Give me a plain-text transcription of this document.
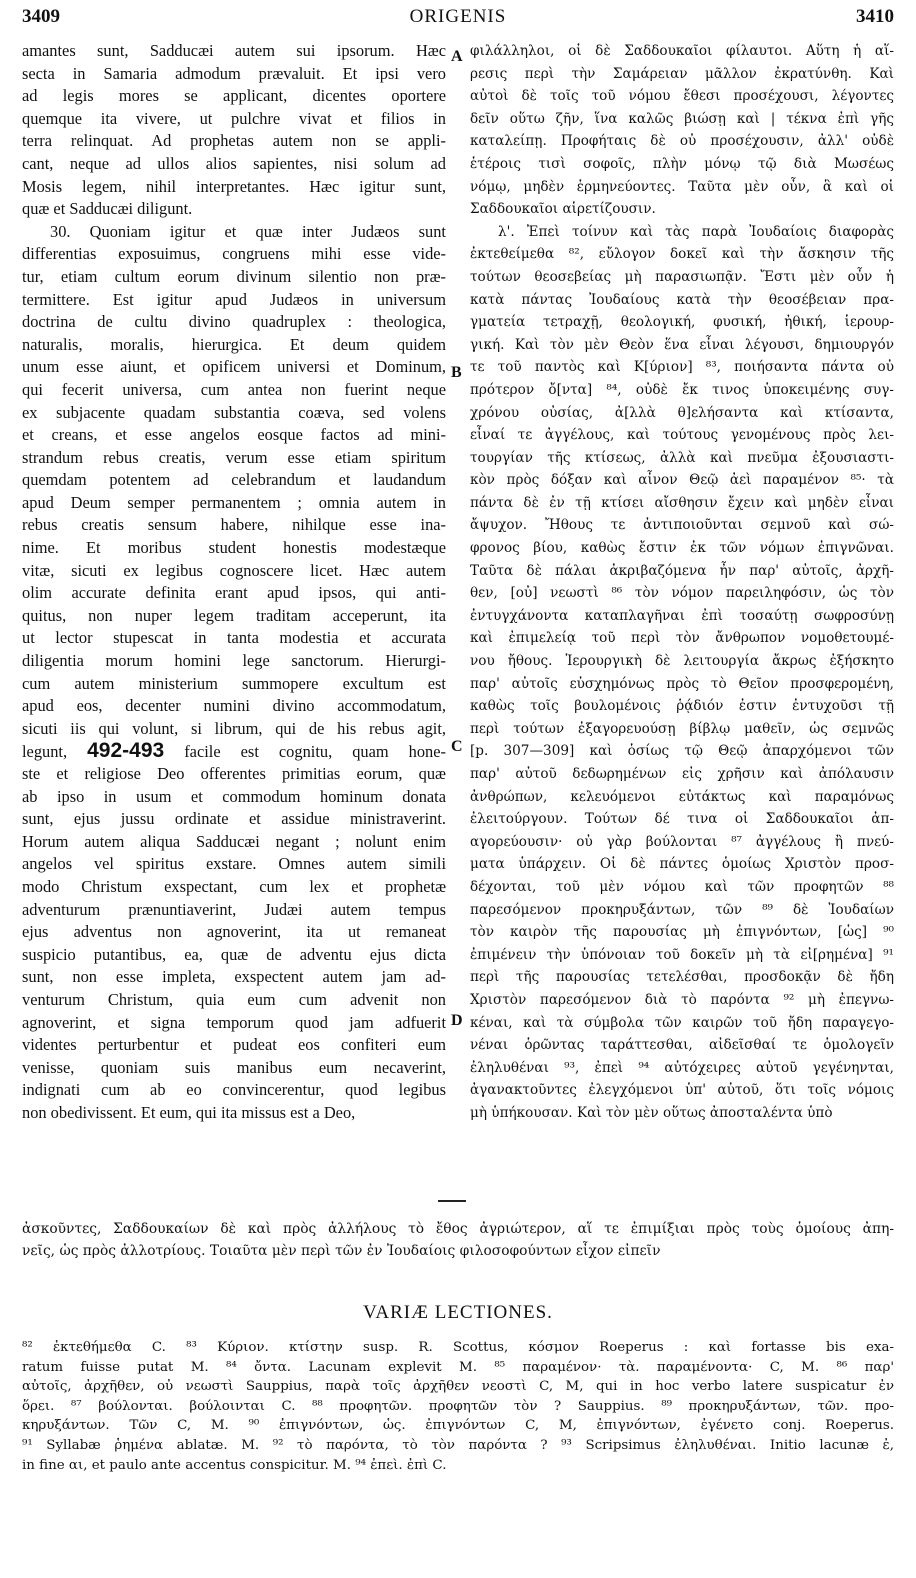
3409	ORIGENIS	3410
amantes sunt, Sadducæi autem sui ipsorum. Hæc
secta in Samaria admodum prævaluit. Et ipsi vero
ad legis mores se applicant, dicentes oportere
quemque ita vivere, ut pulchre vivat et filios in
terra relinquat. Ad prophetas autem non se appli-
cant, neque ad ullos alios sapientes, nisi solum ad
Mosis legem, nihil interpretantes. Hæc igitur sunt,
quæ et Sadducæi diligunt.
30. Quoniam igitur et quæ inter Judæos sunt
differentias exposuimus, congruens mihi esse vide-
tur, etiam cultum eorum divinum silentio non præ-
termittere. Est igitur apud Judæos in universum
doctrina de cultu divino quadruplex : theologica,
naturalis, moralis, hierurgica. Et deum quidem
unum esse aiunt, et opificem universi et Dominum,
qui fecerit universa, cum antea non fuerint neque
ex subjacente quadam substantia coæva, sed volens
et creans, et esse angelos eosque factos ad mini-
strandum rebus creatis, verum esse etiam spiritum
quemdam potentem ad celebrandum et laudandum
apud Deum semper permanentem ; omnia autem in
rebus creatis sensum habere, nihilque esse ina-
nime. Et moribus student honestis modestæque
vitæ, sicuti ex legibus cognoscere licet. Hæc autem
olim accurate definita erant apud ipsos, qui anti-
quitus, non nuper legem traditam acceperunt, ita
ut lector stupescat in tanta modestia et accurata
diligentia morum homini lege sanctorum. Hierurgi-
cum autem ministerium summopere excultum est
apud eos, decenter numini divino accommodatum,
sicuti iis qui volunt, si librum, qui de his rebus agit,
legunt, 492-493 facile est cognitu, quam hone-
ste et religiose Deo offerentes primitias eorum, quæ
ab ipso in usum et commodum hominum donata
sunt, ejus jussu ordinate et assidue ministraverint.
Horum autem aliqua Sadducæi negant ; nolunt enim
angelos vel spiritus exstare. Omnes autem simili
modo Christum exspectant, cum lex et prophetæ
adventurum prænuntiaverint, Judæi autem tempus
ejus adventus non agnoverint, ita ut remaneat
suspicio putantibus, ea, quæ de adventu ejus dicta
sunt, non esse impleta, exspectent autem jam ad-
venturum Christum, quia eum cum advenit non
agnoverint, et signa temporum quod jam adfuerit
videntes perturbentur et pudeat eos confiteri eum
venisse, quoniam suis manibus eum necaverint,
indignati cum ab eo convincerentur, quod legibus
non obedivissent. Et eum, qui ita missus est a Deo,
φιλάλληλοι, οἱ δὲ Σαδδουκαῖοι φίλαυτοι. Αὕτη ἡ αἵ-
ρεσις περὶ τὴν Σαμάρειαν μᾶλλον ἐκρατύνθη. Καὶ
αὐτοὶ δὲ τοῖς τοῦ νόμου ἔθεσι προσέχουσι, λέγοντες
δεῖν οὕτω ζῆν, ἵνα καλῶς βιώσῃ καὶ | τέκνα ἐπὶ γῆς
καταλείπῃ. Προφήταις δὲ οὐ προσέχουσιν, ἀλλ' οὐδὲ
ἑτέροις τισὶ σοφοῖς, πλὴν μόνῳ τῷ διὰ Μωσέως
νόμῳ, μηδὲν ἑρμηνεύοντες. Ταῦτα μὲν οὖν, ἃ καὶ οἱ
Σαδδουκαῖοι αἱρετίζουσιν.
λ'. Ἐπεὶ τοίνυν καὶ τὰς παρὰ Ἰουδαίοις διαφορὰς
ἐκτεθείμεθα ⁸², εὔλογον δοκεῖ καὶ τὴν ἄσκησιν τῆς
τούτων θεοσεβείας μὴ παρασιωπᾷν. Ἔστι μὲν οὖν ἡ
κατὰ πάντας Ἰουδαίους κατὰ τὴν θεοσέβειαν πρα-
γματεία τετραχῇ, θεολογική, φυσική, ἠθική, ἱερουρ-
γική. Καὶ τὸν μὲν Θεὸν ἕνα εἶναι λέγουσι, δημιουργόν
τε τοῦ παντὸς καὶ Κ[ύριον] ⁸³, ποιήσαντα πάντα οὐ
πρότερον ὄ[ντα] ⁸⁴, οὐδὲ ἔκ τινος ὑποκειμένης συγ-
χρόνου οὐσίας, ἀ[λλὰ θ]ελήσαντα καὶ κτίσαντα,
εἶναί τε ἀγγέλους, καὶ τούτους γενομένους πρὸς λει-
τουργίαν τῆς κτίσεως, ἀλλὰ καὶ πνεῦμα ἐξουσιαστι-
κὸν πρὸς δόξαν καὶ αἶνον Θεῷ ἀεὶ παραμένον ⁸⁵· τὰ
πάντα δὲ ἐν τῇ κτίσει αἴσθησιν ἔχειν καὶ μηδὲν εἶναι
ἄψυχον. Ἤθους τε ἀντιποιοῦνται σεμνοῦ καὶ σώ-
φρονος βίου, καθὼς ἔστιν ἐκ τῶν νόμων ἐπιγνῶναι.
Ταῦτα δὲ πάλαι ἀκριβαζόμενα ἦν παρ' αὐτοῖς, ἀρχῆ-
θεν, [οὐ] νεωστὶ ⁸⁶ τὸν νόμον παρειληφόσιν, ὡς τὸν
ἐντυγχάνοντα καταπλαγῆναι ἐπὶ τοσαύτῃ σωφροσύνῃ
καὶ ἐπιμελείᾳ τοῦ περὶ τὸν ἄνθρωπον νομοθετουμέ-
νου ἤθους. Ἱερουργικὴ δὲ λειτουργία ἄκρως ἐξήσκητο
παρ' αὐτοῖς εὐσχημόνως πρὸς τὸ Θεῖον προσφερομένη,
καθὼς τοῖς βουλομένοις ῥᾴδιόν ἐστιν ἐντυχοῦσι τῇ
περὶ τούτων ἐξαγορευούσῃ βίβλῳ μαθεῖν, ὡς σεμνῶς
[p. 307—309] καὶ ὁσίως τῷ Θεῷ ἀπαρχόμενοι τῶν
παρ' αὐτοῦ δεδωρημένων εἰς χρῆσιν καὶ ἀπόλαυσιν
ἀνθρώπων, κελευόμενοι εὐτάκτως καὶ παραμόνως
ἐλειτούργουν. Τούτων δέ τινα οἱ Σαδδουκαῖοι ἀπ-
αγορεύουσιν· οὐ γὰρ βούλονται ⁸⁷ ἀγγέλους ἢ πνεύ-
ματα ὑπάρχειν. Οἱ δὲ πάντες ὁμοίως Χριστὸν προσ-
δέχονται, τοῦ μὲν νόμου καὶ τῶν προφητῶν ⁸⁸
παρεσόμενον προκηρυξάντων, τῶν ⁸⁹ δὲ Ἰουδαίων
τὸν καιρὸν τῆς παρουσίας μὴ ἐπιγνόντων, [ὡς] ⁹⁰
ἐπιμένειν τὴν ὑπόνοιαν τοῦ δοκεῖν μὴ τὰ εἰ[ρημένα] ⁹¹
περὶ τῆς παρουσίας τετελέσθαι, προσδοκᾷν δὲ ἤδη
Χριστὸν παρεσόμενον διὰ τὸ παρόντα ⁹² μὴ ἐπεγνω-
κέναι, καὶ τὰ σύμβολα τῶν καιρῶν τοῦ ἤδη παραγεγο-
νέναι ὁρῶντας ταράττεσθαι, αἰδεῖσθαί τε ὁμολογεῖν
ἐληλυθέναι ⁹³, ἐπεὶ ⁹⁴ αὐτόχειρες αὐτοῦ γεγένηνται,
ἀγανακτοῦντες ἐλεγχόμενοι ὑπ' αὐτοῦ, ὅτι τοῖς νόμοις
μὴ ὑπήκουσαν. Καὶ τὸν μὲν οὕτως ἀποσταλέντα ὑπὸ
A
B
C
D
ἀσκοῦντες, Σαδδουκαίων δὲ καὶ πρὸς ἀλλήλους τὸ ἔθος ἀγριώτερον, αἵ τε ἐπιμίξιαι πρὸς τοὺς ὁμοίους ἀπη-
νεῖς, ὡς πρὸς ἀλλοτρίους. Τοιαῦτα μὲν περὶ τῶν ἐν Ἰουδαίοις φιλοσοφούντων εἶχον εἰπεῖν
VARIÆ LECTIONES.
⁸² ἐκτεθήμεθα C. ⁸³ Κύριον. κτίστην susp. R. Scottus, κόσμον Roeperus : καὶ fortasse bis exa-
ratum fuisse putat M. ⁸⁴ ὄντα. Lacunam explevit M. ⁸⁵ παραμένον· τὰ. παραμένοντα· C, M. ⁸⁶ παρ'
αὐτοῖς, ἀρχῆθεν, οὐ νεωστὶ Sauppius, παρὰ τοῖς ἀρχῆθεν νεοστὶ C, M, qui in hoc verbo latere suspicatur ἐν
ὅρει. ⁸⁷ βούλονται. βούλοινται C. ⁸⁸ προφητῶν. προφητῶν τὸν ? Sauppius. ⁸⁹ προκηρυξάντων, τῶν. προ-
κηρυξάντων. Τῶν C, M. ⁹⁰ ἐπιγνόντων, ὡς. ἐπιγνόντων C, M, ἐπιγνόντων, ἐγένετο conj. Roeperus.
⁹¹ Syllabæ ῥημένα ablatæ. M. ⁹² τὸ παρόντα, τὸ τὸν παρόντα ? ⁹³ Scripsimus ἐληλυθέναι. Initio lacunæ ἐ,
in fine αι, et paulo ante accentus conspicitur. M. ⁹⁴ ἐπεὶ. ἐπὶ C.
